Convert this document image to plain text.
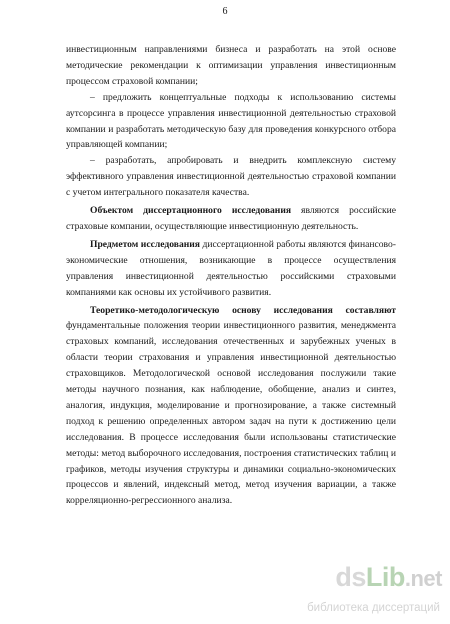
6

инвестиционным направлениями бизнеса и разработать на этой основе методические рекомендации к оптимизации управления инвестиционным процессом страховой компании;

– предложить концептуальные подходы к использованию системы аутсорсинга в процессе управления инвестиционной деятельностью страховой компании и разработать методическую базу для проведения конкурсного отбора управляющей компании;

– разработать, апробировать и внедрить комплексную систему эффективного управления инвестиционной деятельностью страховой компании с учетом интегрального показателя качества.

Объектом диссертационного исследования являются российские страховые компании, осуществляющие инвестиционную деятельность.

Предметом исследования диссертационной работы являются финансово-экономические отношения, возникающие в процессе осуществления управления инвестиционной деятельностью российскими страховыми компаниями как основы их устойчивого развития.

Теоретико-методологическую основу исследования составляют фундаментальные положения теории инвестиционного развития, менеджмента страховых компаний, исследования отечественных и зарубежных ученых в области теории страхования и управления инвестиционной деятельностью страховщиков. Методологической основой исследования послужили такие методы научного познания, как наблюдение, обобщение, анализ и синтез, аналогия, индукция, моделирование и прогнозирование, а также системный подход к решению определенных автором задач на пути к достижению цели исследования. В процессе исследования были использованы статистические методы: метод выборочного исследования, построения статистических таблиц и графиков, методы изучения структуры и динамики социально-экономических процессов и явлений, индексный метод, метод изучения вариации, а также корреляционно-регрессионного анализа.

dsLib.net
библиотека диссертаций
